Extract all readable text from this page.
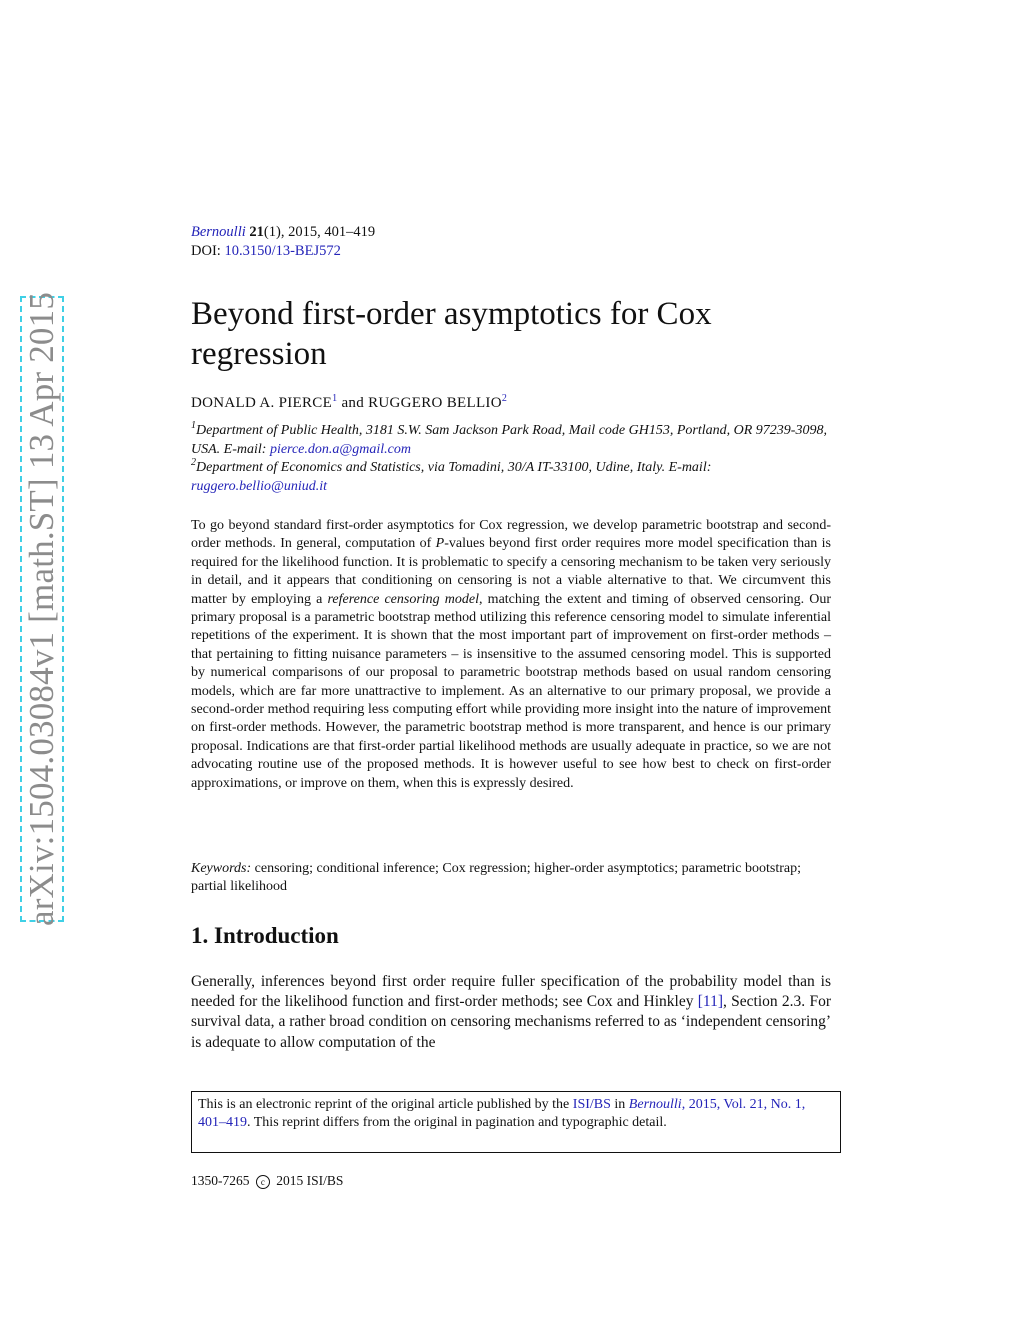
arXiv:1504.03084v1 [math.ST] 13 Apr 2015
Bernoulli 21(1), 2015, 401–419
DOI: 10.3150/13-BEJ572
Beyond first-order asymptotics for Cox regression
DONALD A. PIERCE$^1$ and RUGGERO BELLIO$^2$

$^1$Department of Public Health, 3181 S.W. Sam Jackson Park Road, Mail code GH153, Portland, OR 97239-3098, USA. E-mail: pierce.don.a@gmail.com

$^2$Department of Economics and Statistics, via Tomadini, 30/A IT-33100, Udine, Italy. E-mail: ruggero.bellio@uniud.it

To go beyond standard first-order asymptotics for Cox regression, we develop parametric bootstrap and second-order methods. In general, computation of P-values beyond first order requires more model specification than is required for the likelihood function. It is problematic to specify a censoring mechanism to be taken very seriously in detail, and it appears that conditioning on censoring is not a viable alternative to that. We circumvent this matter by employing a reference censoring model, matching the extent and timing of observed censoring. Our primary proposal is a parametric bootstrap method utilizing this reference censoring model to simulate inferential repetitions of the experiment. It is shown that the most important part of improvement on first-order methods – that pertaining to fitting nuisance parameters – is insensitive to the assumed censoring model. This is supported by numerical comparisons of our proposal to parametric bootstrap methods based on usual random censoring models, which are far more unattractive to implement. As an alternative to our primary proposal, we provide a second-order method requiring less computing effort while providing more insight into the nature of improvement on first-order methods. However, the parametric bootstrap method is more transparent, and hence is our primary proposal. Indications are that first-order partial likelihood methods are usually adequate in practice, so we are not advocating routine use of the proposed methods. It is however useful to see how best to check on first-order approximations, or improve on them, when this is expressly desired.

Keywords: censoring; conditional inference; Cox regression; higher-order asymptotics; parametric bootstrap; partial likelihood
1. Introduction

Generally, inferences beyond first order require fuller specification of the probability model than is needed for the likelihood function and first-order methods; see Cox and Hinkley [11], Section 2.3. For survival data, a rather broad condition on censoring mechanisms referred to as ‘independent censoring’ is adequate to allow computation of the

This is an electronic reprint of the original article published by the ISI/BS in Bernoulli, 2015, Vol. 21, No. 1, 401–419. This reprint differs from the original in pagination and typographic detail.
1350-7265 c 2015 ISI/BS
